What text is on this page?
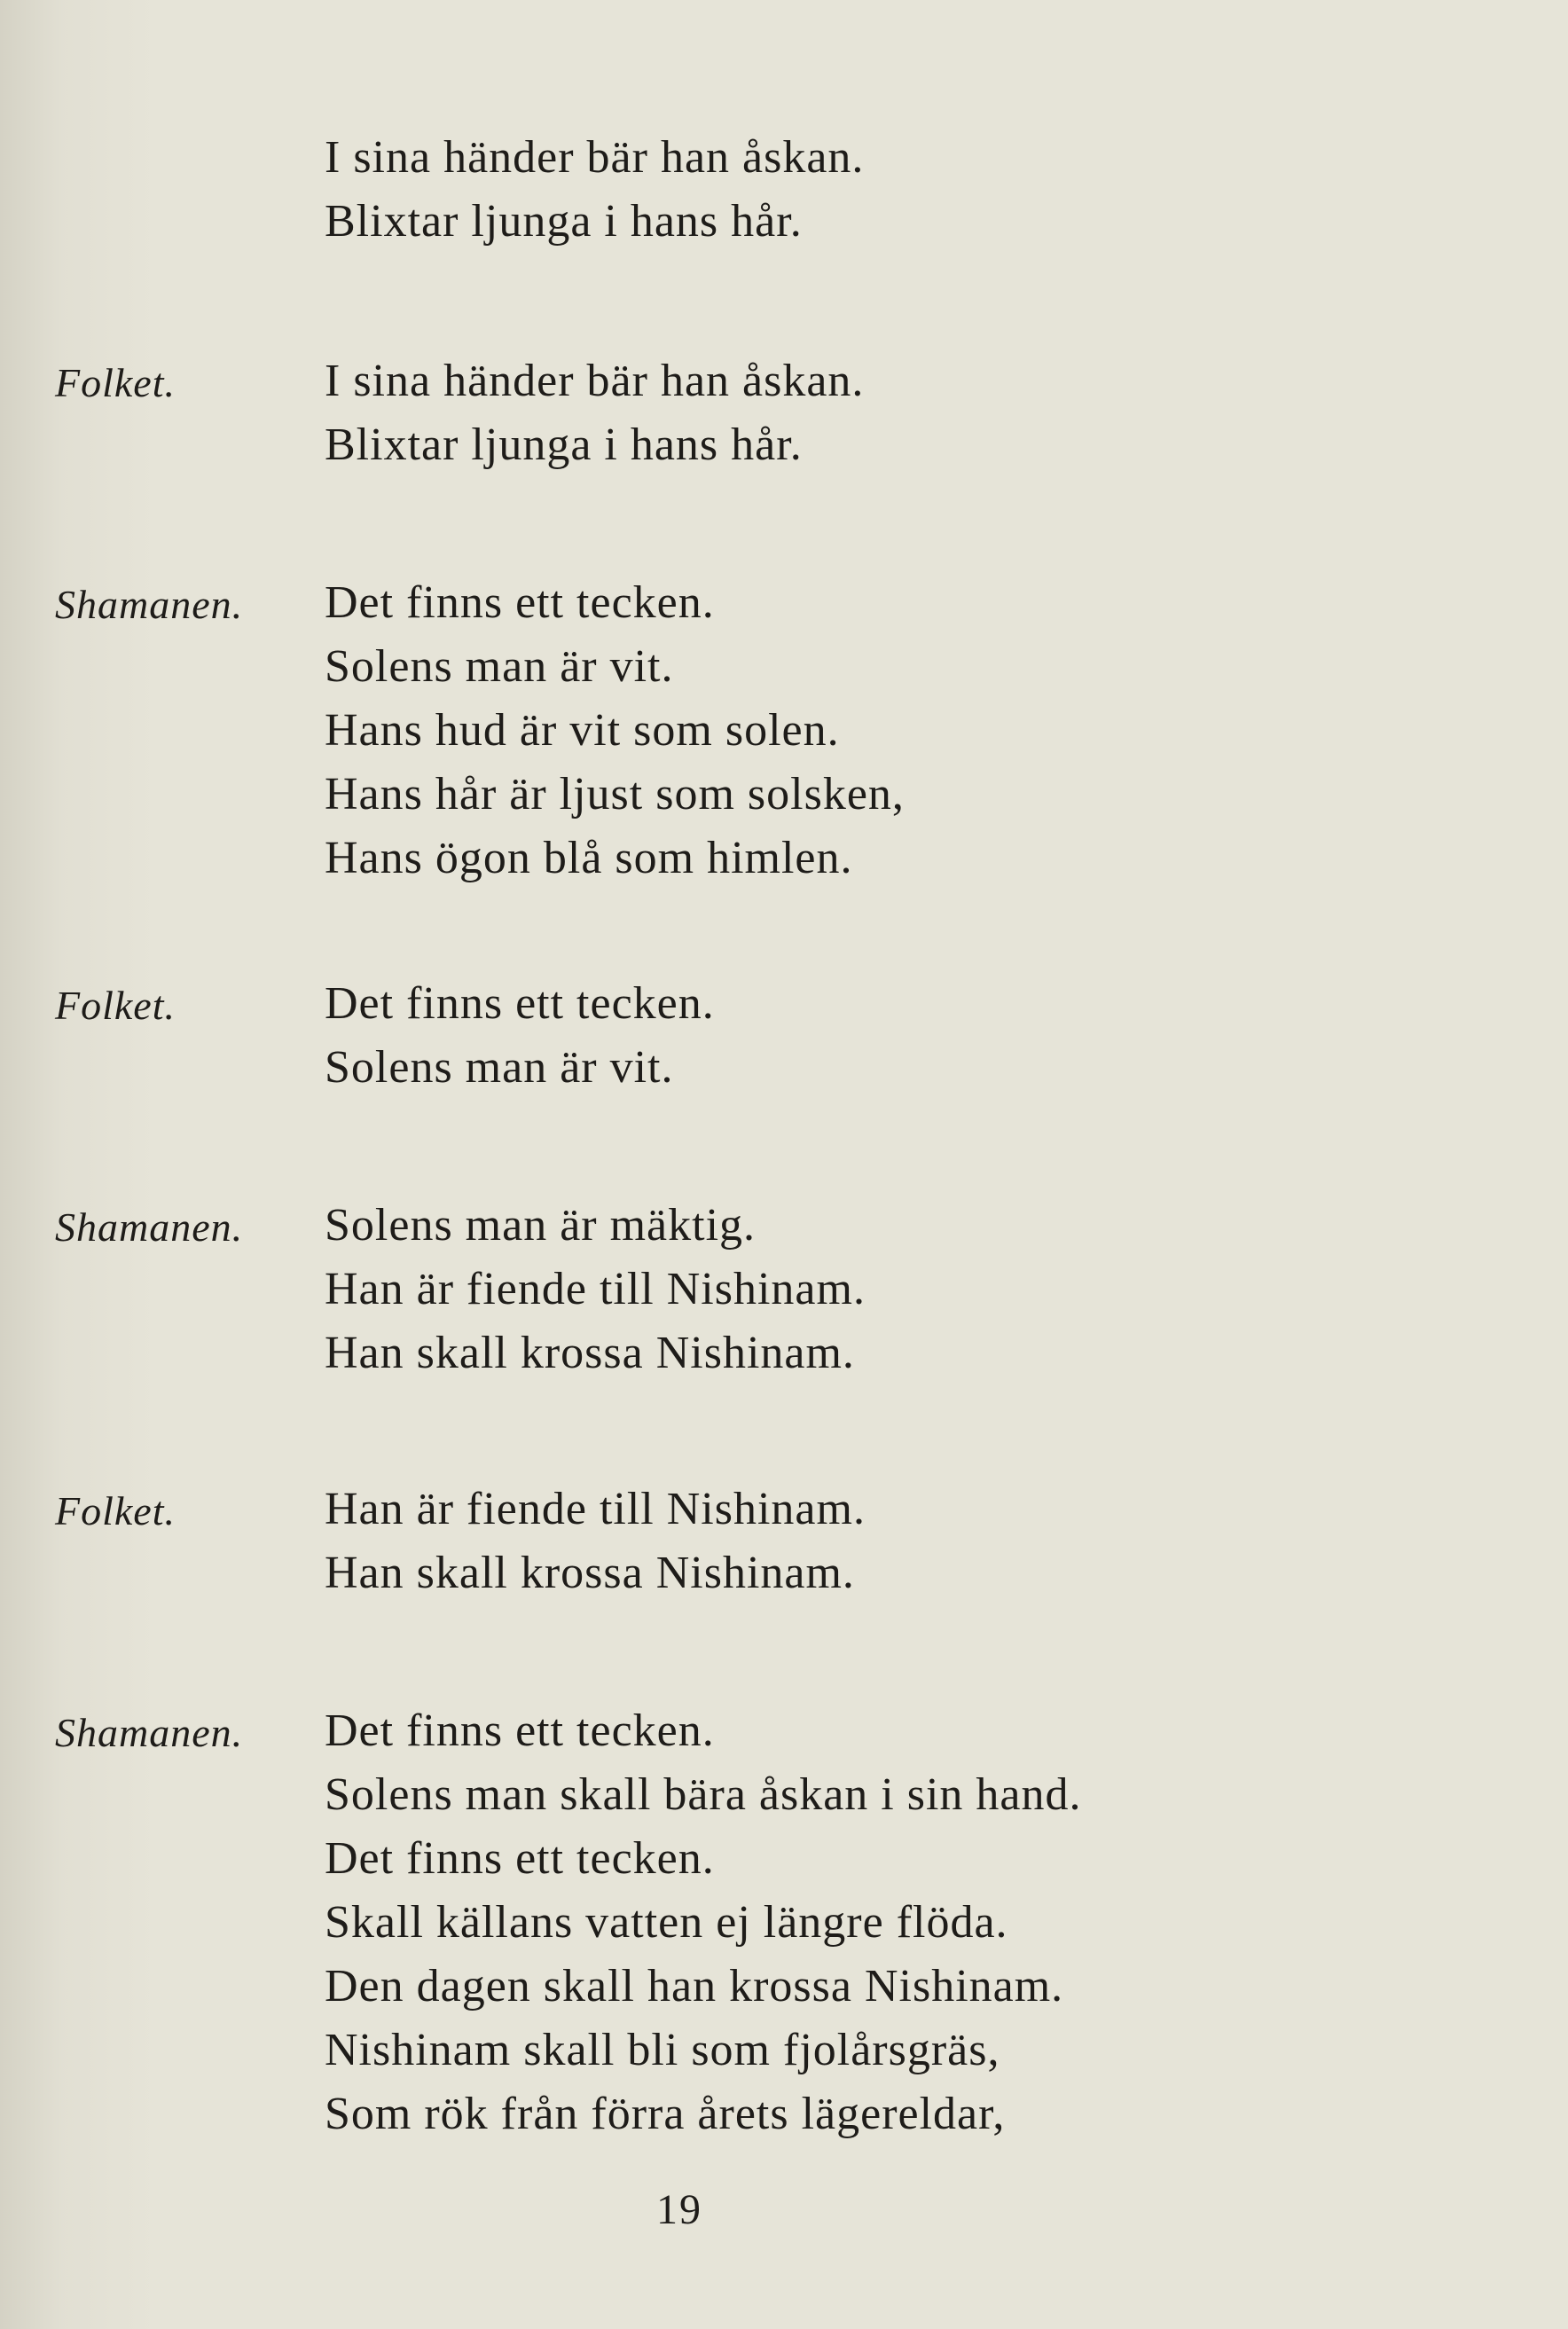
I sina händer bär han åskan.
Blixtar ljunga i hans hår.
Folket.	I sina händer bär han åskan.
Blixtar ljunga i hans hår.
Shamanen. Det finns ett tecken.
Solens man är vit.
Hans hud är vit som solen.
Hans hår är ljust som solsken,
Hans ögon blå som himlen.
Folket.	Det finns ett tecken.
Solens man är vit.
Shamanen. Solens man är mäktig.
Han är fiende till Nishinam.
Han skall krossa Nishinam.
Folket.	Han är fiende till Nishinam.
Han skall krossa Nishinam.
Shamanen. Det finns ett tecken.
Solens man skall bära åskan i sin hand.
Det finns ett tecken.
Skall källans vatten ej längre flöda.
Den dagen skall han krossa Nishinam.
Nishinam skall bli som fjolårsgräs,
Som rök från förra årets lägereldar,
19
